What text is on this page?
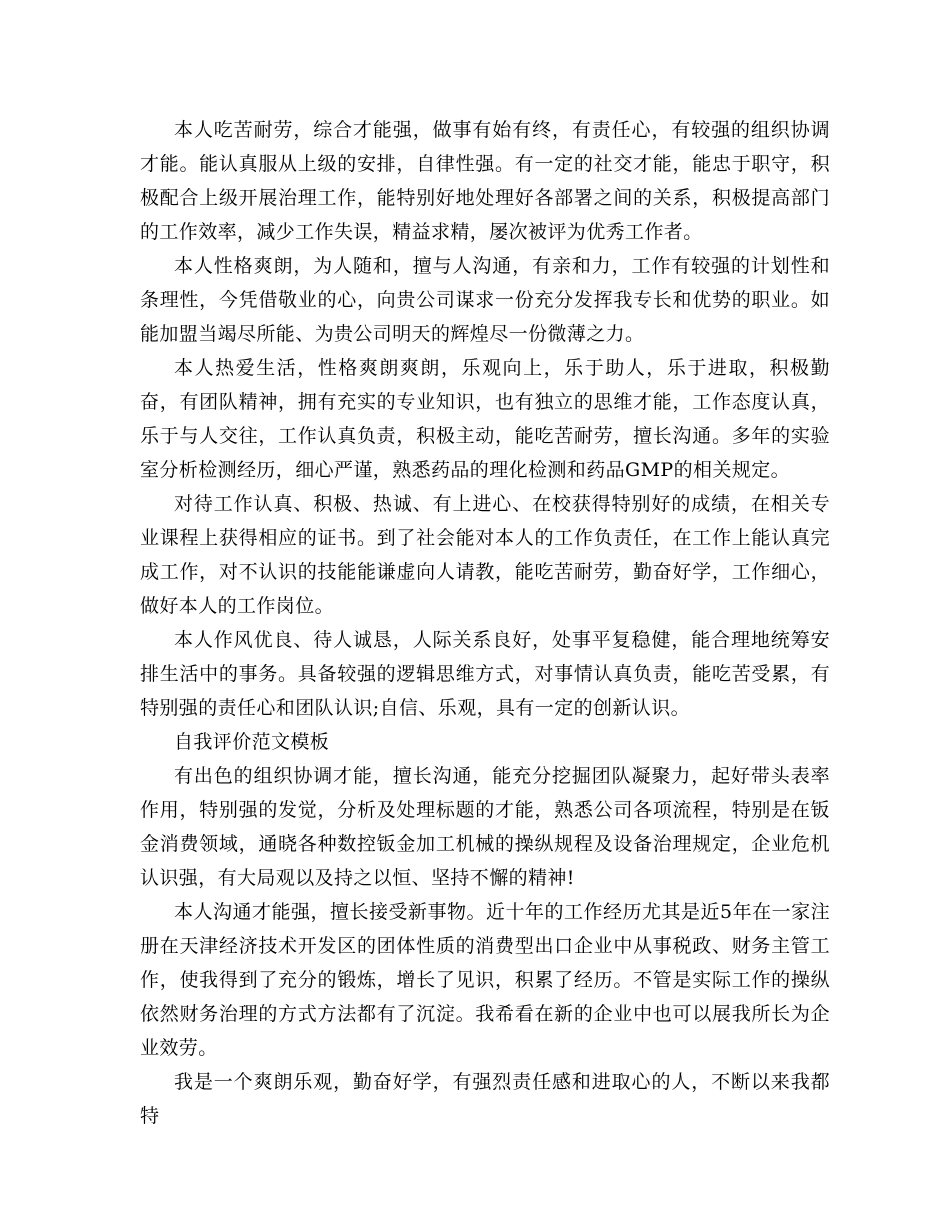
本人吃苦耐劳，综合才能强，做事有始有终，有责任心，有较强的组织协调才能。能认真服从上级的安排，自律性强。有一定的社交才能，能忠于职守，积极配合上级开展治理工作，能特别好地处理好各部署之间的关系，积极提高部门的工作效率，减少工作失误，精益求精，屡次被评为优秀工作者。

本人性格爽朗，为人随和，擅与人沟通，有亲和力，工作有较强的计划性和条理性，今凭借敬业的心，向贵公司谋求一份充分发挥我专长和优势的职业。如能加盟当竭尽所能、为贵公司明天的辉煌尽一份微薄之力。

本人热爱生活，性格爽朗爽朗，乐观向上，乐于助人，乐于进取，积极勤奋，有团队精神，拥有充实的专业知识，也有独立的思维才能，工作态度认真，乐于与人交往，工作认真负责，积极主动，能吃苦耐劳，擅长沟通。多年的实验室分析检测经历，细心严谨，熟悉药品的理化检测和药品GMP的相关规定。

对待工作认真、积极、热诚、有上进心、在校获得特别好的成绩，在相关专业课程上获得相应的证书。到了社会能对本人的工作负责任，在工作上能认真完成工作，对不认识的技能能谦虚向人请教，能吃苦耐劳，勤奋好学，工作细心，做好本人的工作岗位。

本人作风优良、待人诚恳，人际关系良好，处事平复稳健，能合理地统筹安排生活中的事务。具备较强的逻辑思维方式，对事情认真负责，能吃苦受累，有特别强的责任心和团队认识;自信、乐观，具有一定的创新认识。

自我评价范文模板

有出色的组织协调才能，擅长沟通，能充分挖掘团队凝聚力，起好带头表率作用，特别强的发觉，分析及处理标题的才能，熟悉公司各项流程，特别是在钣金消费领域，通晓各种数控钣金加工机械的操纵规程及设备治理规定，企业危机认识强，有大局观以及持之以恒、坚持不懈的精神!

本人沟通才能强，擅长接受新事物。近十年的工作经历尤其是近5年在一家注册在天津经济技术开发区的团体性质的消费型出口企业中从事税政、财务主管工作，使我得到了充分的锻炼，增长了见识，积累了经历。不管是实际工作的操纵依然财务治理的方式方法都有了沉淀。我希看在新的企业中也可以展我所长为企业效劳。

我是一个爽朗乐观，勤奋好学，有强烈责任感和进取心的人，不断以来我都特
